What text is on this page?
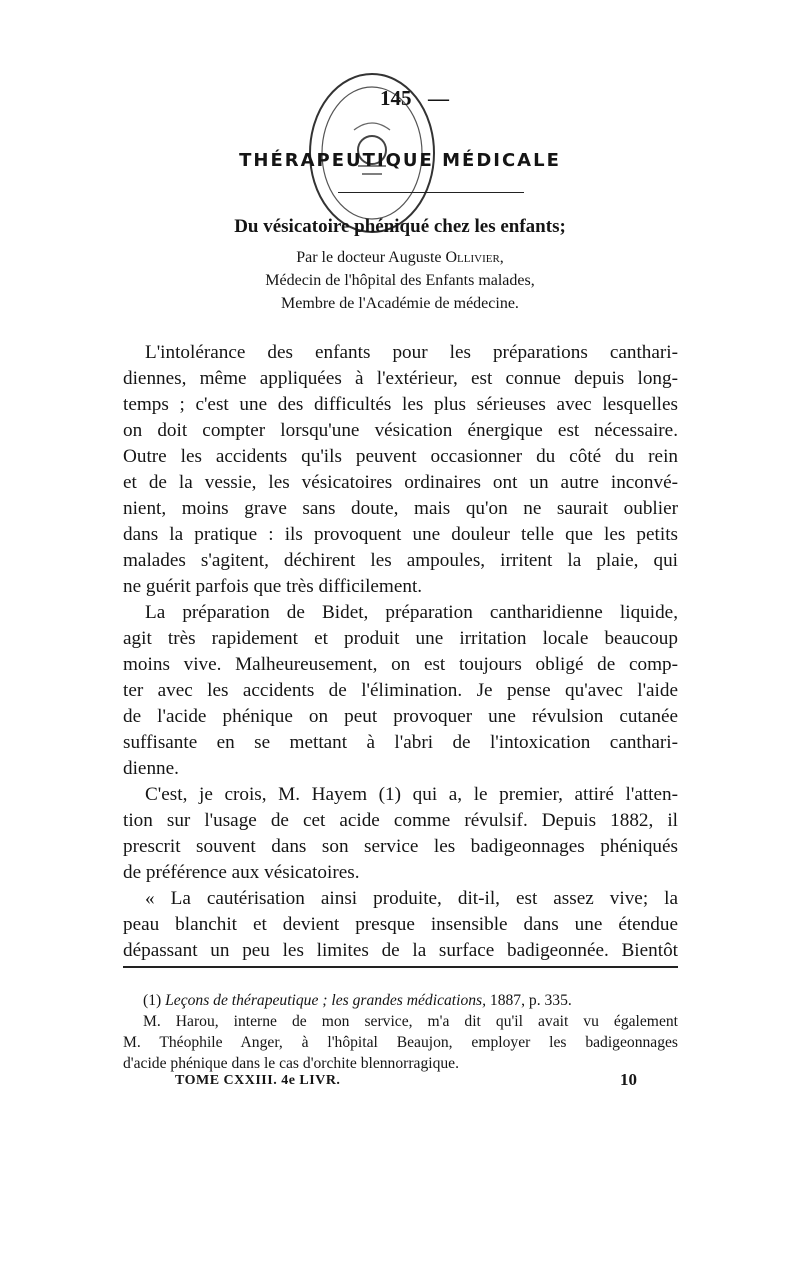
145 —
THÉRAPEUTIQUE MÉDICALE
Du vésicatoire phéniqué chez les enfants;
Par le docteur Auguste Ollivier,
Médecin de l'hôpital des Enfants malades,
Membre de l'Académie de médecine.
L'intolérance des enfants pour les préparations canthari-
diennes, même appliquées à l'extérieur, est connue depuis long-
temps ; c'est une des difficultés les plus sérieuses avec lesquelles
on doit compter lorsqu'une vésication énergique est nécessaire.
Outre les accidents qu'ils peuvent occasionner du côté du rein
et de la vessie, les vésicatoires ordinaires ont un autre inconvé-
nient, moins grave sans doute, mais qu'on ne saurait oublier
dans la pratique : ils provoquent une douleur telle que les petits
malades s'agitent, déchirent les ampoules, irritent la plaie, qui
ne guérit parfois que très difficilement.
La préparation de Bidet, préparation cantharidienne liquide,
agit très rapidement et produit une irritation locale beaucoup
moins vive. Malheureusement, on est toujours obligé de comp-
ter avec les accidents de l'élimination. Je pense qu'avec l'aide
de l'acide phénique on peut provoquer une révulsion cutanée
suffisante en se mettant à l'abri de l'intoxication canthari-
dienne.
C'est, je crois, M. Hayem (1) qui a, le premier, attiré l'atten-
tion sur l'usage de cet acide comme révulsif. Depuis 1882, il
prescrit souvent dans son service les badigeonnages phéniqués
de préférence aux vésicatoires.
« La cautérisation ainsi produite, dit-il, est assez vive; la
peau blanchit et devient presque insensible dans une étendue
dépassant un peu les limites de la surface badigeonnée. Bientôt
(1) Leçons de thérapeutique ; les grandes médications, 1887, p. 335.
M. Harou, interne de mon service, m'a dit qu'il avait vu également
M. Théophile Anger, à l'hôpital Beaujon, employer les badigeonnages
d'acide phénique dans le cas d'orchite blennorragique.
TOME CXXIII. 4e LIVR.	10
